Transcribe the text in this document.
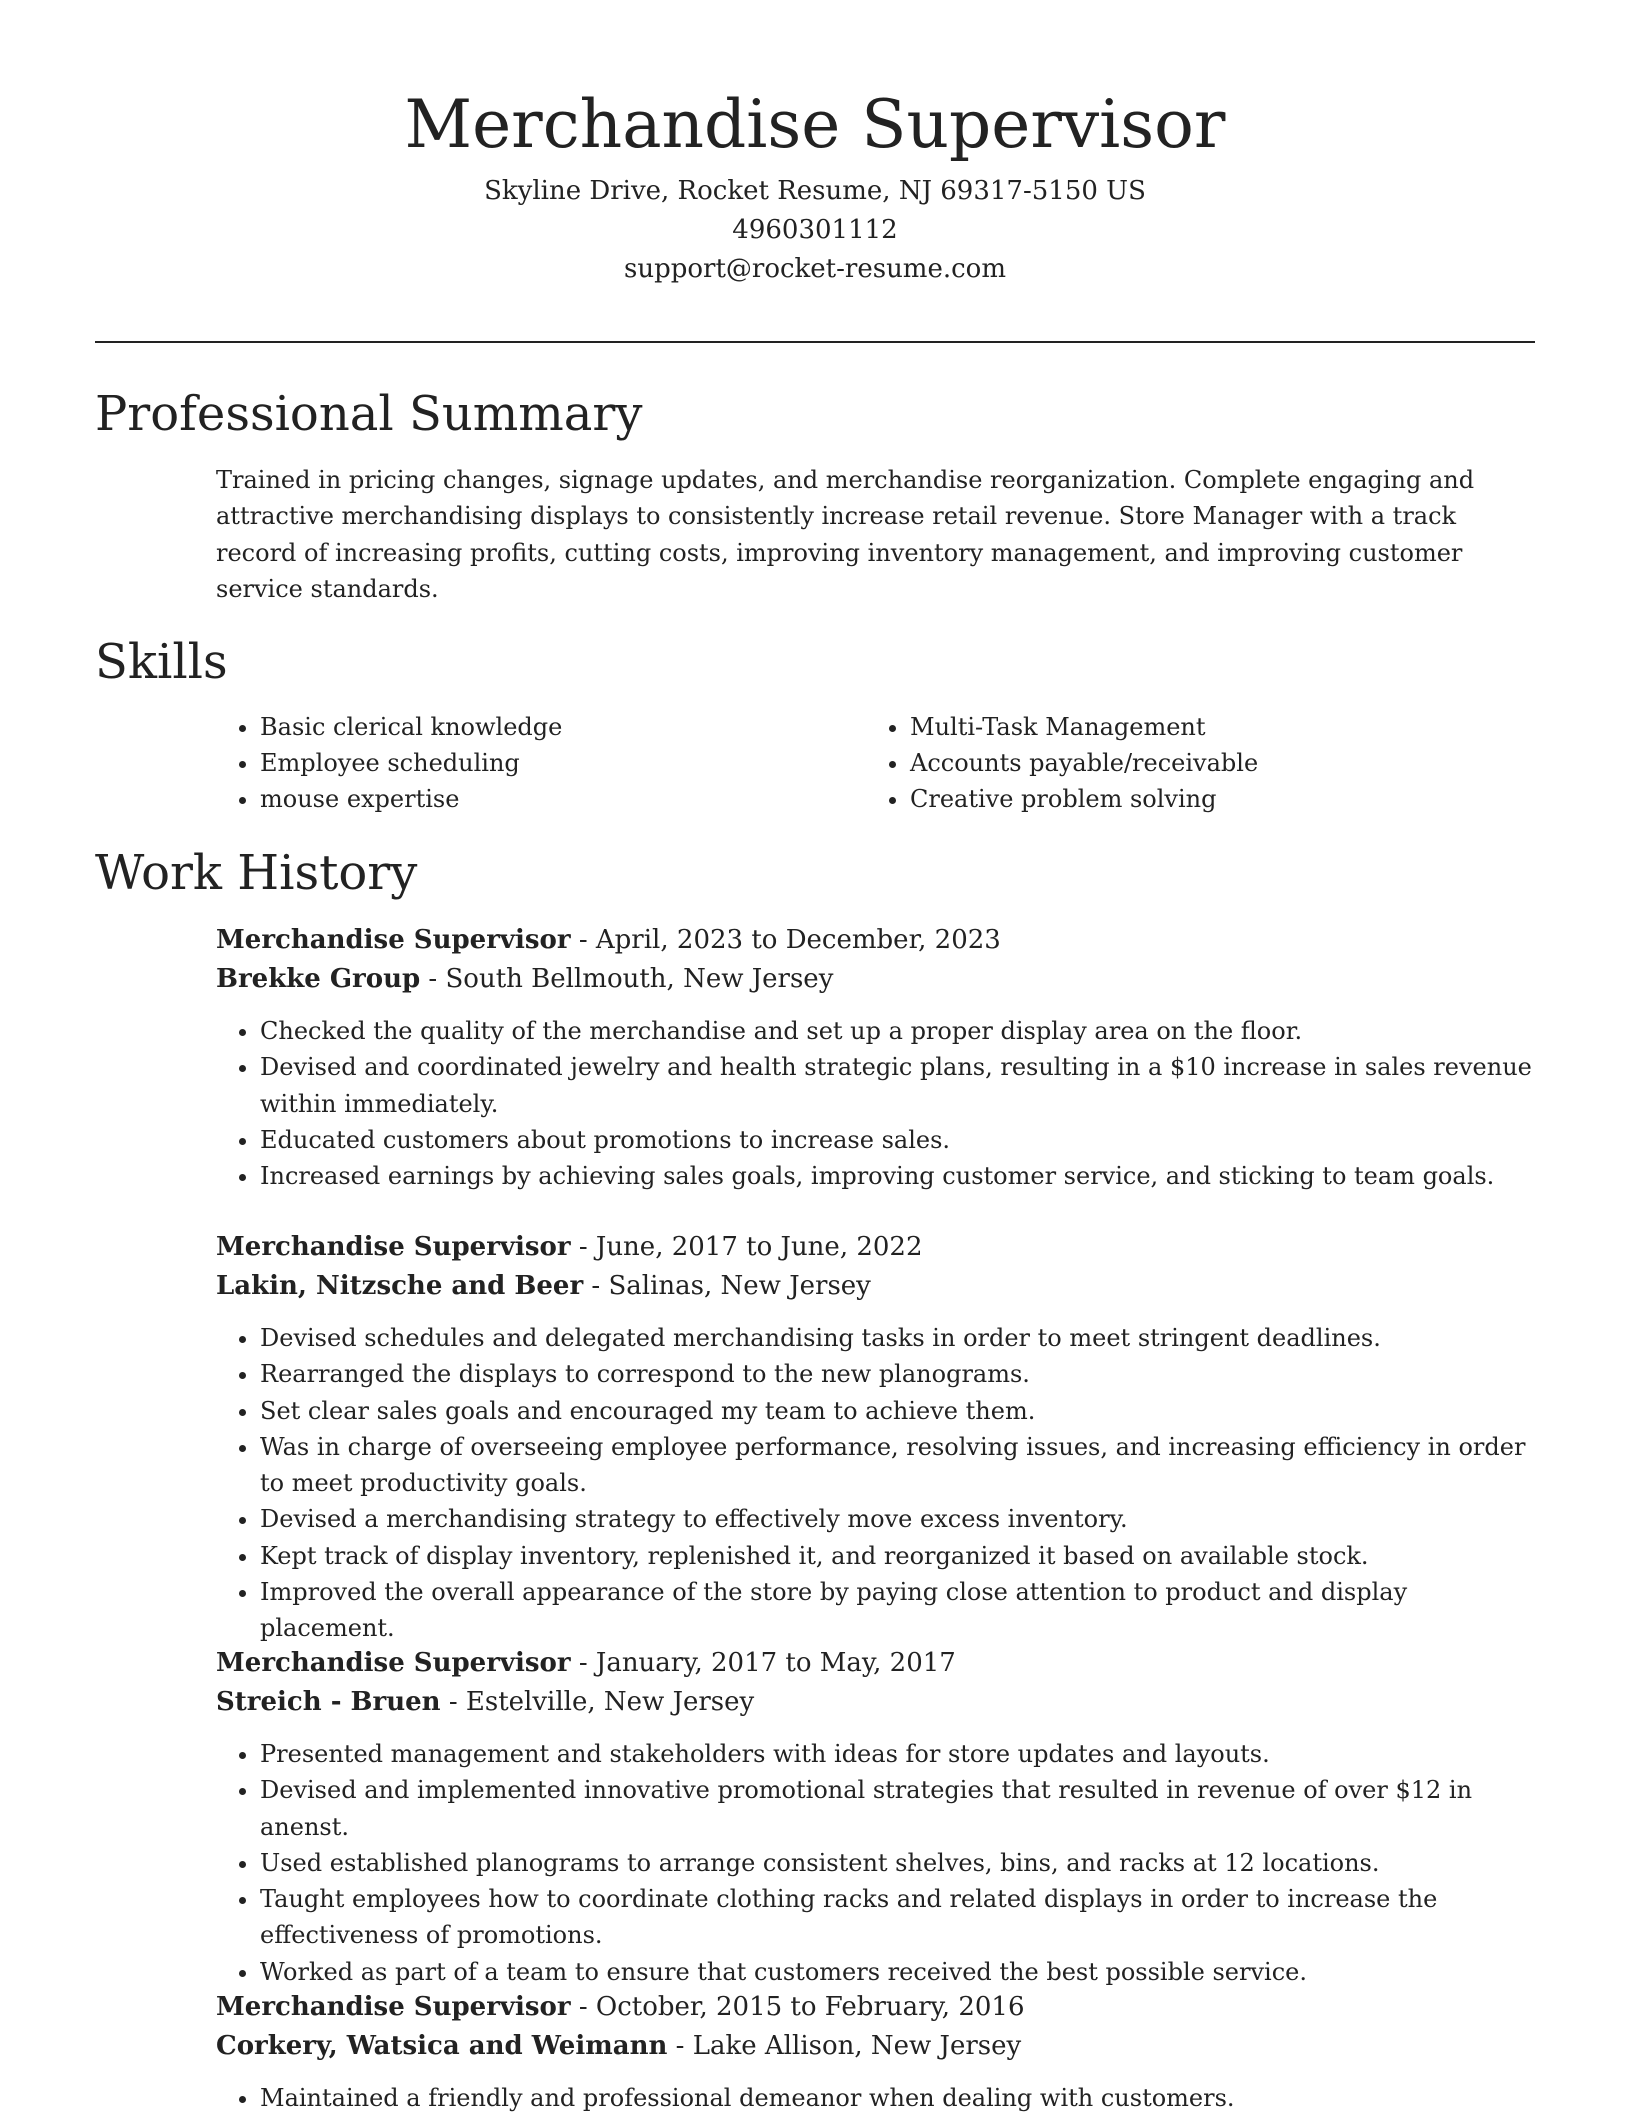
Merchandise Supervisor
Skyline Drive, Rocket Resume, NJ 69317-5150 US
4960301112
support@rocket-resume.com
Professional Summary

Trained in pricing changes, signage updates, and merchandise reorganization. Complete engaging and attractive merchandising displays to consistently increase retail revenue. Store Manager with a track record of increasing profits, cutting costs, improving inventory management, and improving customer service standards.

Skills
• Basic clerical knowledge
• Employee scheduling
• mouse expertise
• Multi-Task Management
• Accounts payable/receivable
• Creative problem solving
Work History
Merchandise Supervisor - April, 2023 to December, 2023
Brekke Group - South Bellmouth, New Jersey
• Checked the quality of the merchandise and set up a proper display area on the floor.
• Devised and coordinated jewelry and health strategic plans, resulting in a $10 increase in sales revenue within immediately.
• Educated customers about promotions to increase sales.
• Increased earnings by achieving sales goals, improving customer service, and sticking to team goals.
Merchandise Supervisor - June, 2017 to June, 2022
Lakin, Nitzsche and Beer - Salinas, New Jersey
• Devised schedules and delegated merchandising tasks in order to meet stringent deadlines.
• Rearranged the displays to correspond to the new planograms.
• Set clear sales goals and encouraged my team to achieve them.
• Was in charge of overseeing employee performance, resolving issues, and increasing efficiency in order to meet productivity goals.
• Devised a merchandising strategy to effectively move excess inventory.
• Kept track of display inventory, replenished it, and reorganized it based on available stock.
• Improved the overall appearance of the store by paying close attention to product and display placement.
Merchandise Supervisor - January, 2017 to May, 2017
Streich - Bruen - Estelville, New Jersey
• Presented management and stakeholders with ideas for store updates and layouts.
• Devised and implemented innovative promotional strategies that resulted in revenue of over $12 in anenst.
• Used established planograms to arrange consistent shelves, bins, and racks at 12 locations.
• Taught employees how to coordinate clothing racks and related displays in order to increase the effectiveness of promotions.
• Worked as part of a team to ensure that customers received the best possible service.
Merchandise Supervisor - October, 2015 to February, 2016
Corkery, Watsica and Weimann - Lake Allison, New Jersey
• Maintained a friendly and professional demeanor when dealing with customers.
